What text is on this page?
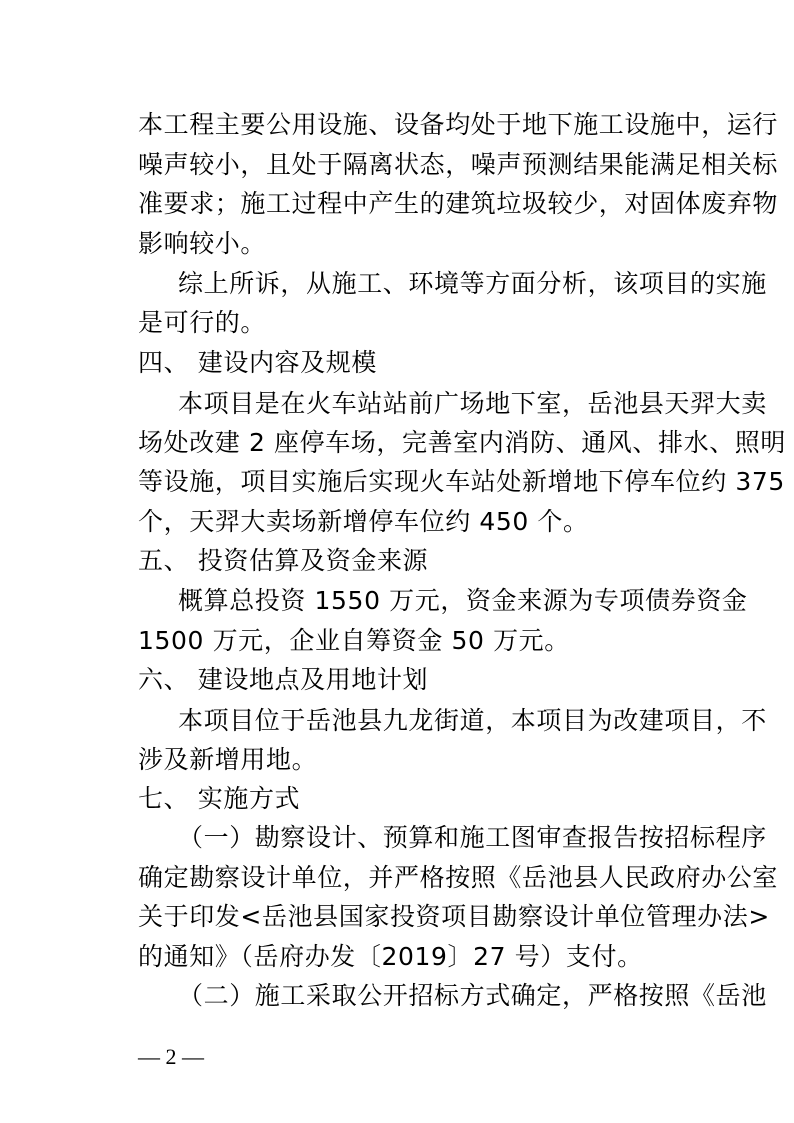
本工程主要公用设施、设备均处于地下施工设施中，运行
噪声较小，且处于隔离状态，噪声预测结果能满足相关标
准要求；施工过程中产生的建筑垃圾较少，对固体废弃物
影响较小。
综上所诉，从施工、环境等方面分析，该项目的实施
是可行的。
四、 建设内容及规模
本项目是在火车站站前广场地下室，岳池县天羿大卖
场处改建 2 座停车场，完善室内消防、通风、排水、照明
等设施，项目实施后实现火车站处新增地下停车位约 375
个，天羿大卖场新增停车位约 450 个。
五、 投资估算及资金来源
概算总投资 1550 万元，资金来源为专项债券资金
1500 万元，企业自筹资金 50 万元。
六、 建设地点及用地计划
本项目位于岳池县九龙街道，本项目为改建项目，不
涉及新增用地。
七、 实施方式
（一）勘察设计、预算和施工图审查报告按招标程序
确定勘察设计单位，并严格按照《岳池县人民政府办公室
关于印发<岳池县国家投资项目勘察设计单位管理办法>
的通知》（岳府办发〔2019〕27 号）支付。
（二）施工采取公开招标方式确定，严格按照《岳池
— 2 —
